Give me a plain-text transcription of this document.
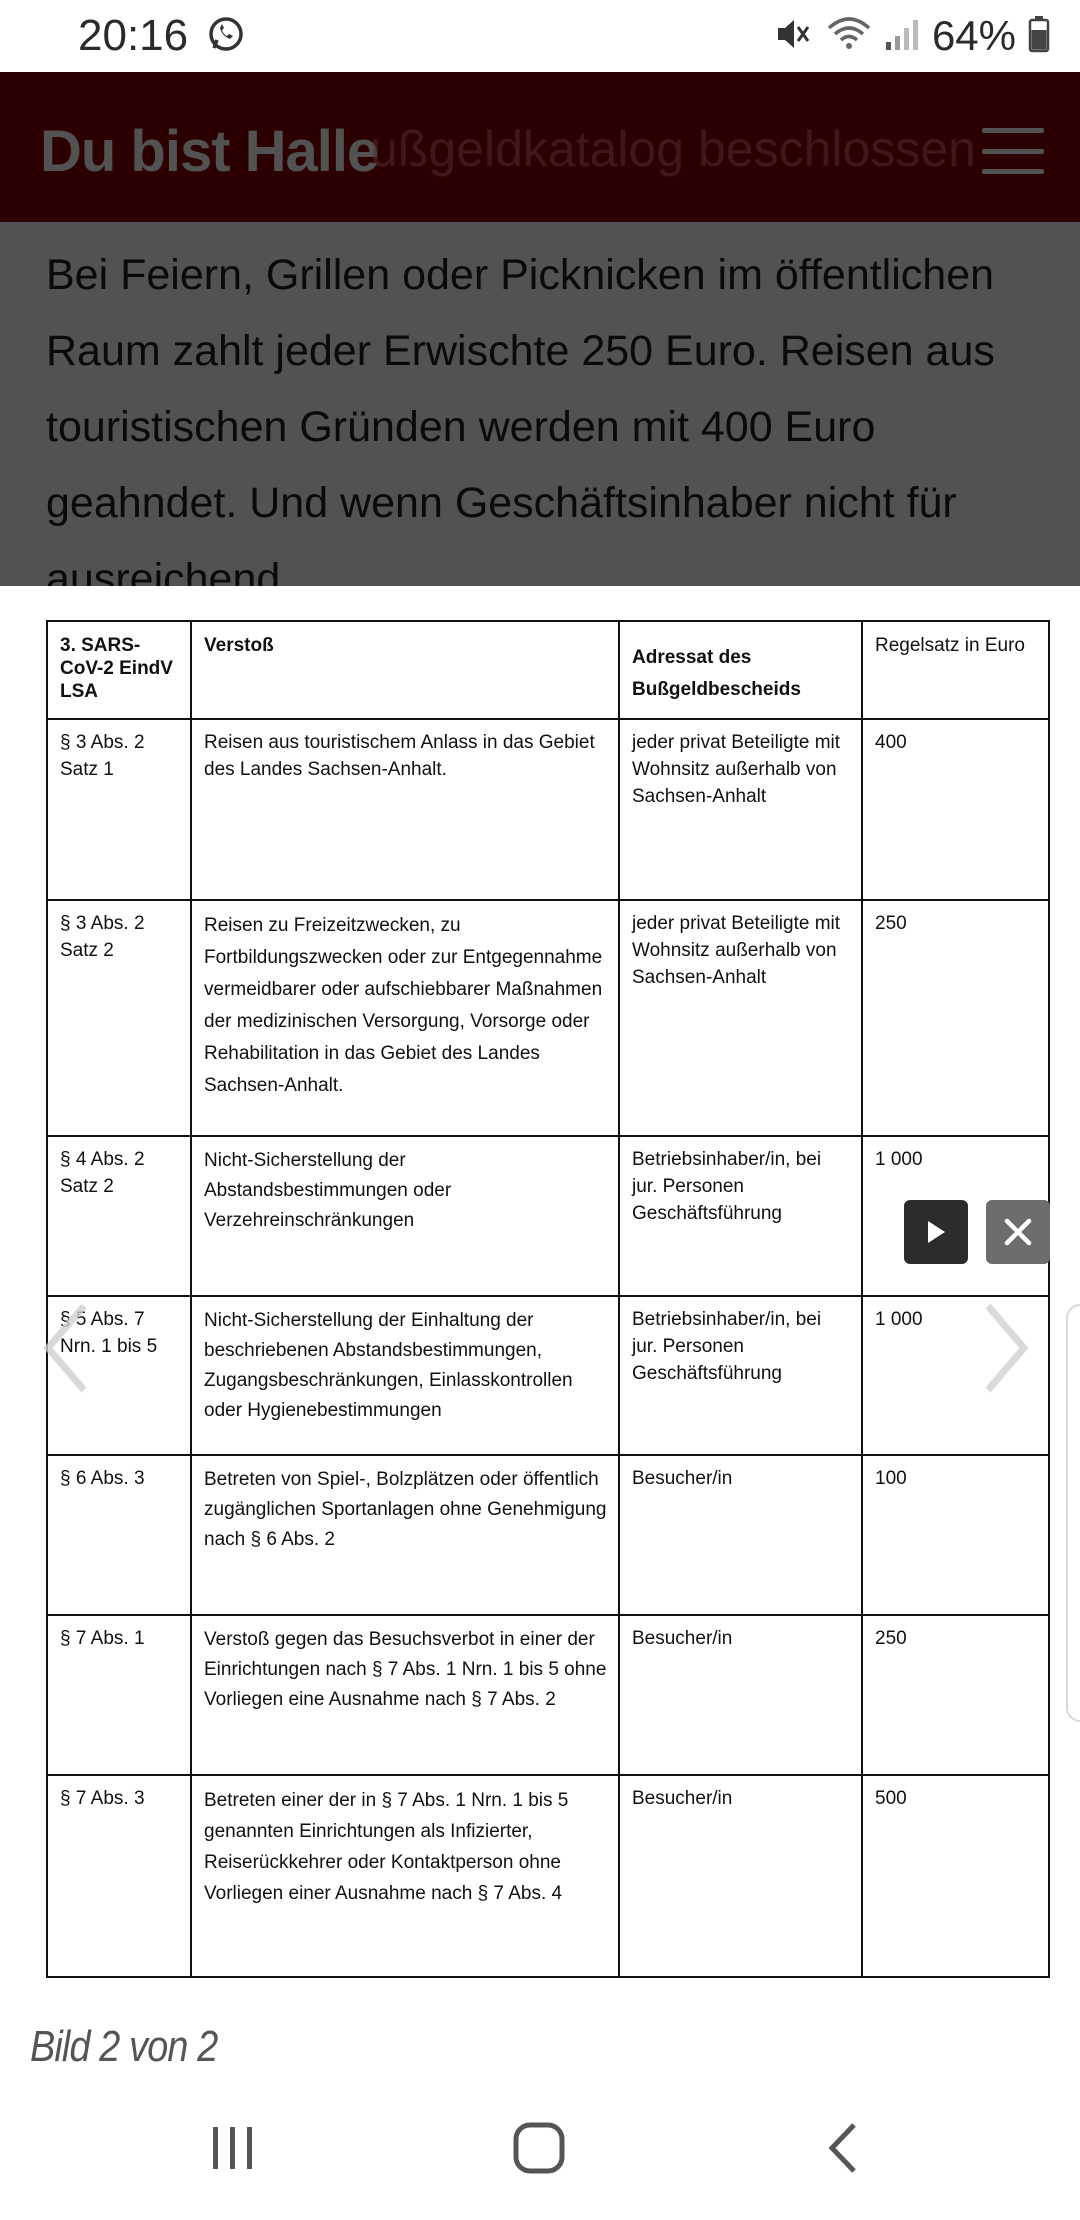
20:16	64%

3. SARS-CoV-2 EindV LSA	Verstoß	Adressat des Bußgeldbescheids	Regelsatz in Euro
§ 3 Abs. 2 Satz 1	Reisen aus touristischem Anlass in das Gebiet des Landes Sachsen-Anhalt.	jeder privat Beteiligte mit Wohnsitz außerhalb von Sachsen-Anhalt	400
§ 3 Abs. 2 Satz 2	Reisen zu Freizeitzwecken, zu Fortbildungszwecken oder zur Entgegennahme vermeidbarer oder aufschiebbarer Maßnahmen der medizinischen Versorgung, Vorsorge oder Rehabilitation in das Gebiet des Landes Sachsen-Anhalt.	jeder privat Beteiligte mit Wohnsitz außerhalb von Sachsen-Anhalt	250
§ 4 Abs. 2 Satz 2	Nicht-Sicherstellung der Abstandsbestimmungen oder Verzehreinschränkungen	Betriebsinhaber/in, bei jur. Personen Geschäftsführung	1 000
§ 5 Abs. 7 Nrn. 1 bis 5	Nicht-Sicherstellung der Einhaltung der beschriebenen Abstandsbestimmungen, Zugangsbeschränkungen, Einlasskontrollen oder Hygienebestimmungen	Betriebsinhaber/in, bei jur. Personen Geschäftsführung	1 000
§ 6 Abs. 3	Betreten von Spiel-, Bolzplätzen oder öffentlich zugänglichen Sportanlagen ohne Genehmigung nach § 6 Abs. 2	Besucher/in	100
§ 7 Abs. 1	Verstoß gegen das Besuchsverbot in einer der Einrichtungen nach § 7 Abs. 1 Nrn. 1 bis 5 ohne Vorliegen eine Ausnahme nach § 7 Abs. 2	Besucher/in	250
§ 7 Abs. 3	Betreten einer der in § 7 Abs. 1 Nrn. 1 bis 5 genannten Einrichtungen als Infizierter, Reiserückkehrer oder Kontaktperson ohne Vorliegen einer Ausnahme nach § 7 Abs. 4	Besucher/in	500
Bild 2 von 2
